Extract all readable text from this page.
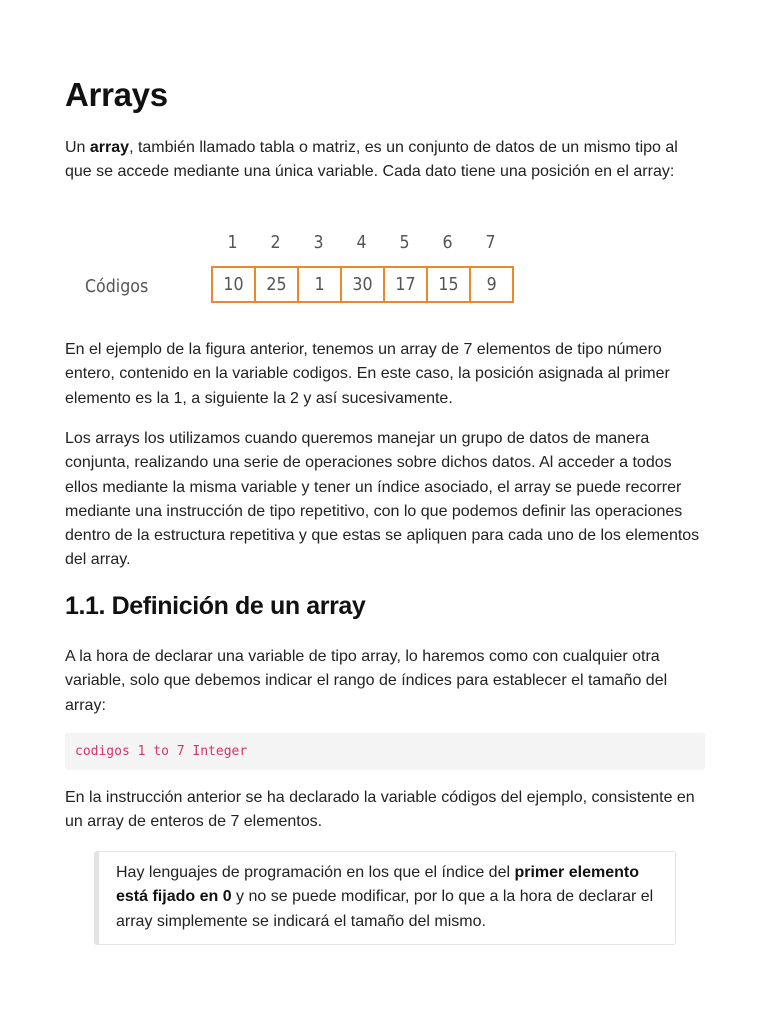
Arrays

Un array, también llamado tabla o matriz, es un conjunto de datos de un mismo tipo al que se accede mediante una única variable. Cada dato tiene una posición en el array:

Códigos
1	2	3	4	5	6	7
10 25 1 30 17 15 9

En el ejemplo de la figura anterior, tenemos un array de 7 elementos de tipo número entero, contenido en la variable codigos. En este caso, la posición asignada al primer elemento es la 1, a siguiente la 2 y así sucesivamente.

Los arrays los utilizamos cuando queremos manejar un grupo de datos de manera conjunta, realizando una serie de operaciones sobre dichos datos. Al acceder a todos ellos mediante la misma variable y tener un índice asociado, el array se puede recorrer mediante una instrucción de tipo repetitivo, con lo que podemos definir las operaciones dentro de la estructura repetitiva y que estas se apliquen para cada uno de los elementos del array.

1.1. Definición de un array

A la hora de declarar una variable de tipo array, lo haremos como con cualquier otra variable, solo que debemos indicar el rango de índices para establecer el tamaño del array:

codigos 1 to 7 Integer

En la instrucción anterior se ha declarado la variable códigos del ejemplo, consistente en un array de enteros de 7 elementos.

Hay lenguajes de programación en los que el índice del primer elemento está fijado en 0 y no se puede modificar, por lo que a la hora de declarar el array simplemente se indicará el tamaño del mismo.
